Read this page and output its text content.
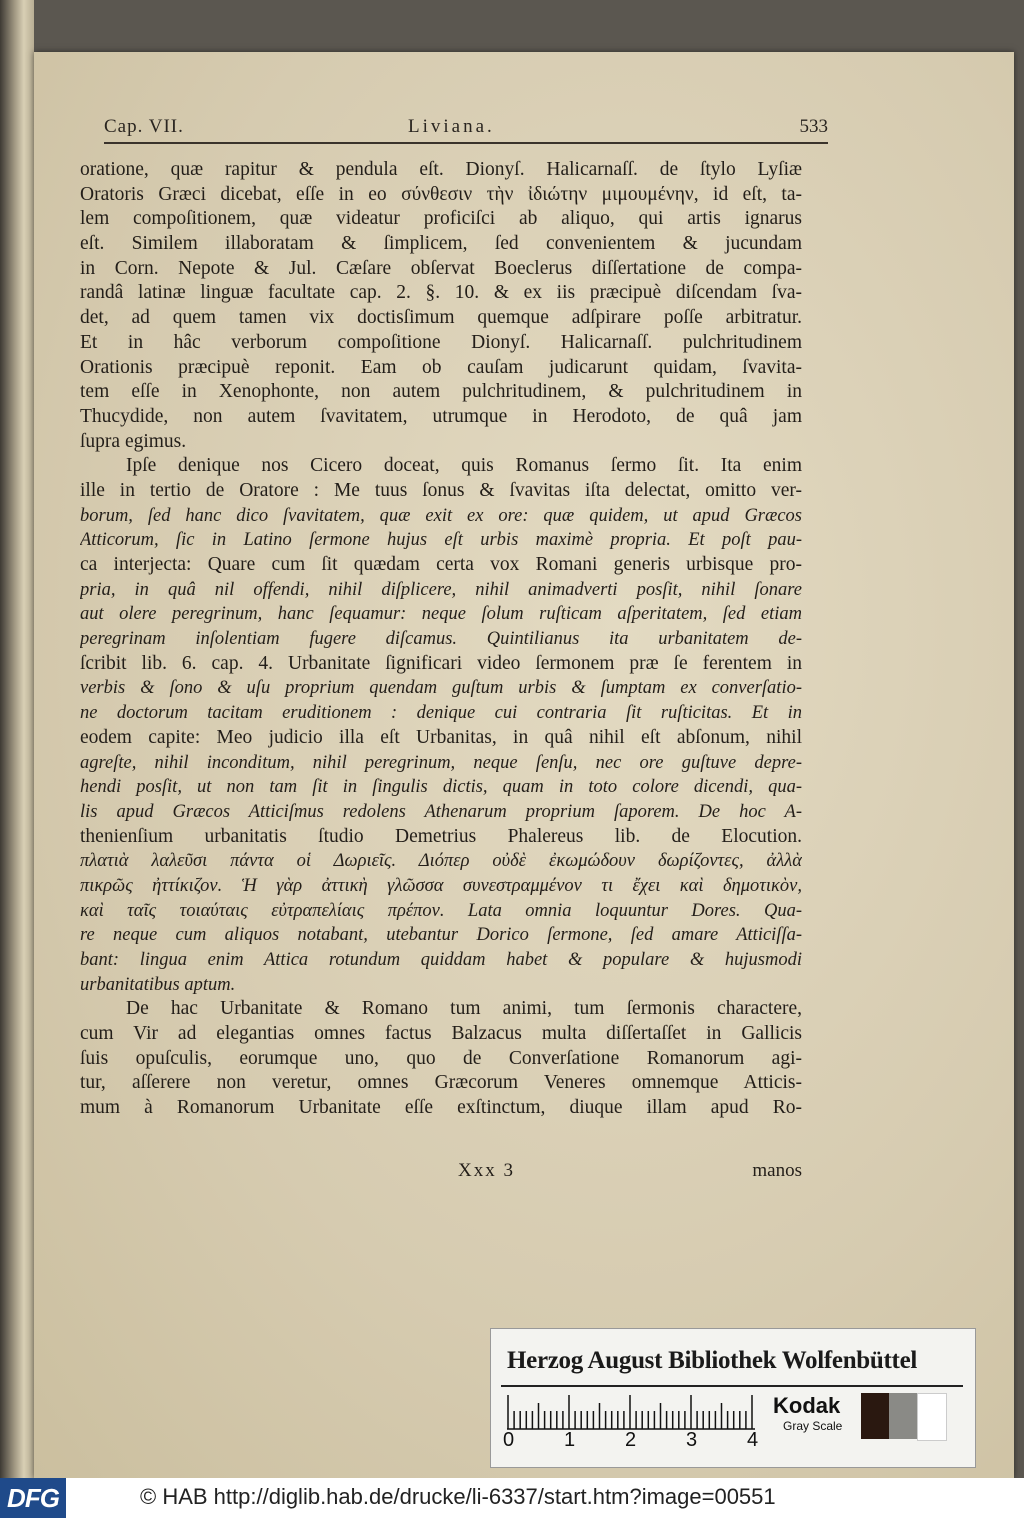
Cap. VII.	Liviana.	533
oratione, quæ rapitur & pendula eſt. Dionyſ. Halicarnaſſ. de ſtylo Lyſiæ
Oratoris Græci dicebat, eſſe in eo σύνθεσιν τὴν ἰδιώτην μιμουμένην, id eſt, ta-
lem compoſitionem, quæ videatur proficiſci ab aliquo, qui artis ignarus
eſt. Similem illaboratam & ſimplicem, ſed convenientem & jucundam
in Corn. Nepote & Jul. Cæſare obſervat Boeclerus diſſertatione de compa-
randâ latinæ linguæ facultate cap. 2. §. 10. & ex iis præcipuè diſcendam ſva-
det, ad quem tamen vix doctisſimum quemque adſpirare poſſe arbitratur.
Et in hâc verborum compoſitione Dionyſ. Halicarnaſſ. pulchritudinem
Orationis præcipuè reponit. Eam ob cauſam judicarunt quidam, ſvavita-
tem eſſe in Xenophonte, non autem pulchritudinem, & pulchritudinem in
Thucydide, non autem ſvavitatem, utrumque in Herodoto, de quâ jam
ſupra egimus.
Ipſe denique nos Cicero doceat, quis Romanus ſermo ſit. Ita enim
ille in tertio de Oratore : Me tuus ſonus & ſvavitas iſta delectat, omitto ver-
borum, ſed hanc dico ſvavitatem, quæ exit ex ore: quæ quidem, ut apud Græcos
Atticorum, ſic in Latino ſermone hujus eſt urbis maximè propria. Et poſt pau-
ca interjecta: Quare cum ſit quædam certa vox Romani generis urbisque pro-
pria, in quâ nil offendi, nihil diſplicere, nihil animadverti posſit, nihil ſonare
aut olere peregrinum, hanc ſequamur: neque ſolum ruſticam aſperitatem, ſed etiam
peregrinam inſolentiam fugere diſcamus. Quintilianus ita urbanitatem de-
ſcribit lib. 6. cap. 4. Urbanitate ſignificari video ſermonem præ ſe ferentem in
verbis & ſono & uſu proprium quendam guſtum urbis & ſumptam ex converſatio-
ne doctorum tacitam eruditionem : denique cui contraria ſit ruſticitas. Et in
eodem capite: Meo judicio illa eſt Urbanitas, in quâ nihil eſt abſonum, nihil
agreſte, nihil inconditum, nihil peregrinum, neque ſenſu, nec ore guſtuve depre-
hendi posſit, ut non tam ſit in ſingulis dictis, quam in toto colore dicendi, qua-
lis apud Græcos Atticiſmus redolens Athenarum proprium ſaporem. De hoc A-
thenienſium urbanitatis ſtudio Demetrius Phalereus lib. de Elocution.
πλατιὰ λαλεῦσι πάντα οἱ Δωριεῖς. Διόπερ οὐδὲ ἐκωμώδουν δωρίζοντες, ἀλλὰ
πικρῶς ἠττίκιζον. Ἡ γὰρ ἀττικὴ γλῶσσα συνεστραμμένον τι ἔχει καὶ δημοτικὸν,
καὶ ταῖς τοιαύταις εὐτραπελίαις πρέπον. Lata omnia loquuntur Dores. Qua-
re neque cum aliquos notabant, utebantur Dorico ſermone, ſed amare Atticiſſa-
bant: lingua enim Attica rotundum quiddam habet & populare & hujusmodi
urbanitatibus aptum.
De hac Urbanitate & Romano tum animi, tum ſermonis charactere,
cum Vir ad elegantias omnes factus Balzacus multa diſſertaſſet in Gallicis
ſuis opuſculis, eorumque uno, quo de Converſatione Romanorum agi-
tur, aſſerere non veretur, omnes Græcorum Veneres omnemque Atticis-
mum à Romanorum Urbanitate eſſe exſtinctum, diuque illam apud Ro-
Xxx 3	manos
Herzog August Bibliothek Wolfenbüttel
0 1 2 3 4
Kodak
Gray Scale
DFG	© HAB http://diglib.hab.de/drucke/li-6337/start.htm?image=00551
